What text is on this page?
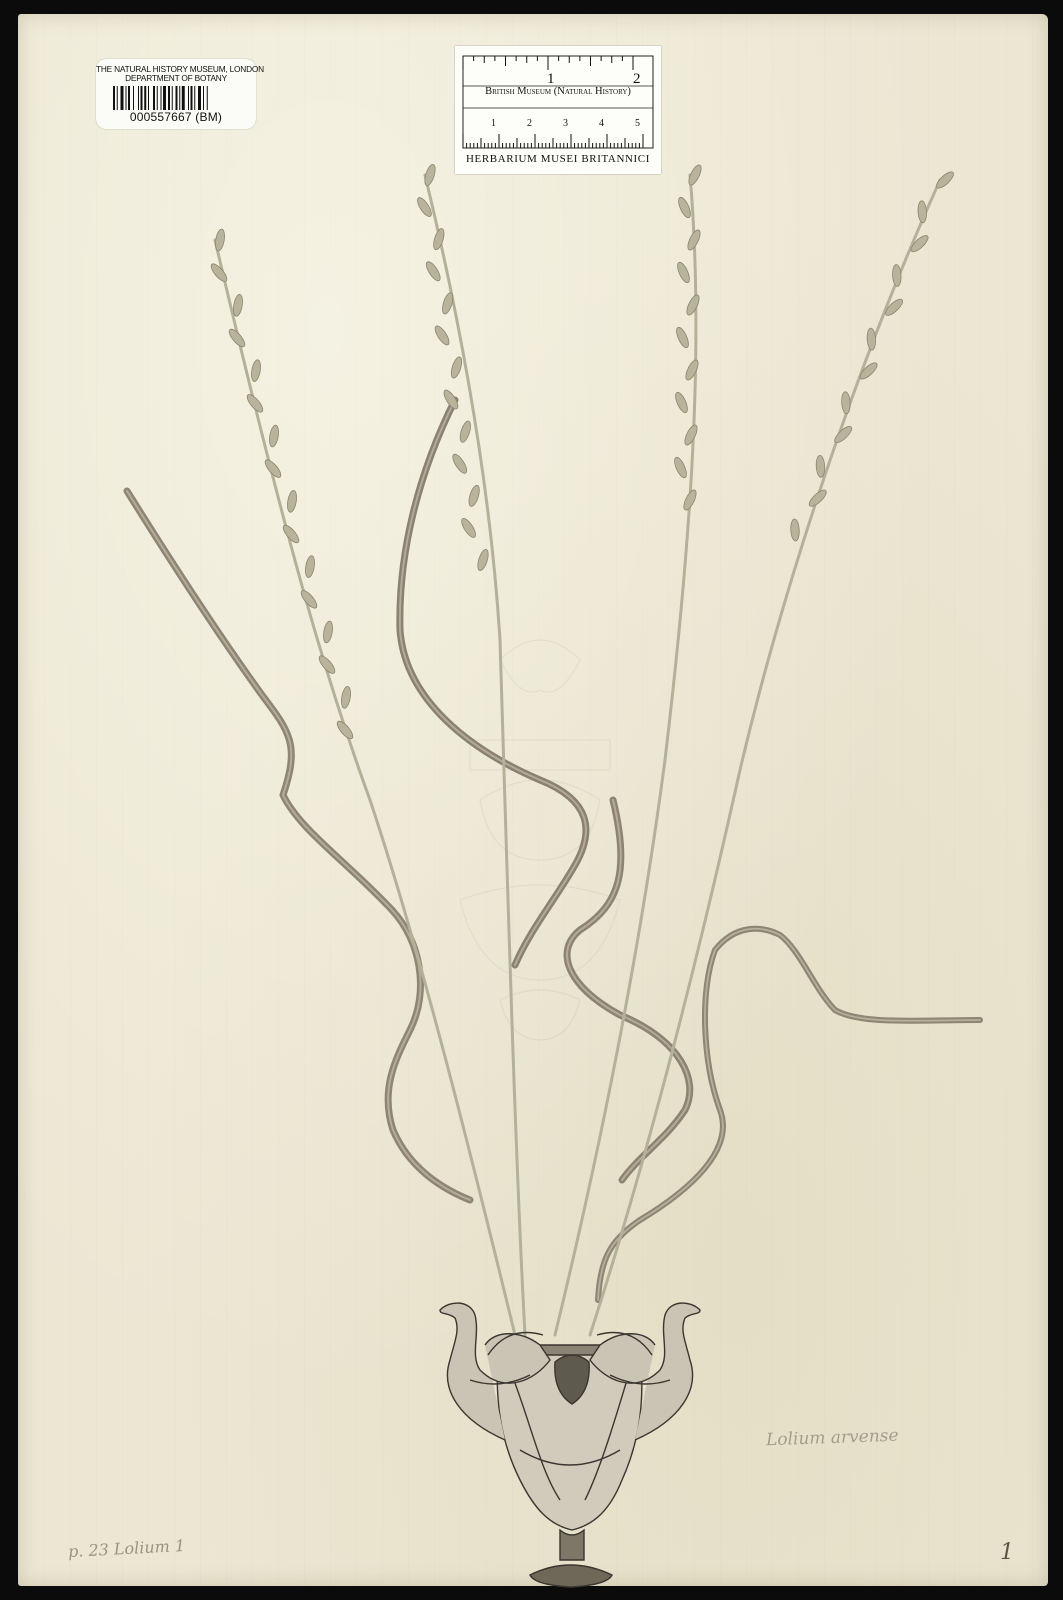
THE NATURAL HISTORY MUSEUM, LONDON
DEPARTMENT OF BOTANY
000557667 (BM)
1	2
1	2	3	4	5
British Museum (Natural History)
HERBARIUM MUSEI BRITANNICI
Lolium arvense
p. 23 Lolium 1	1
